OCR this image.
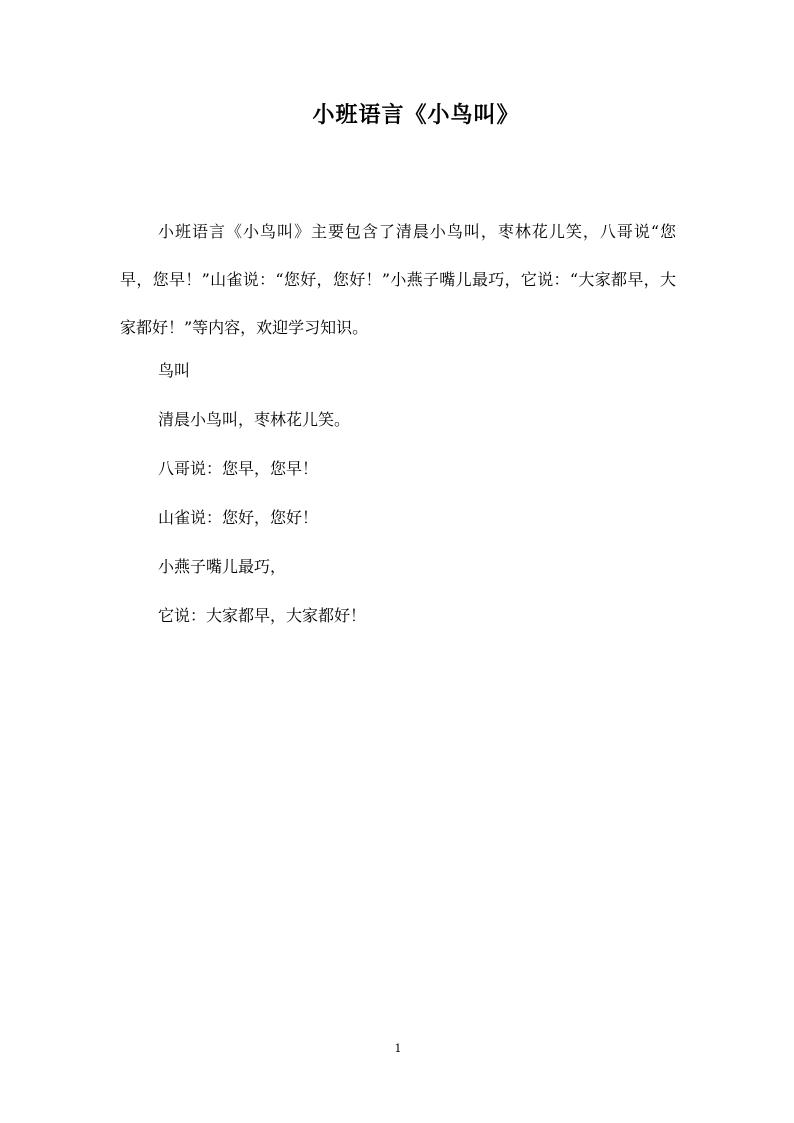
小班语言《小鸟叫》
小班语言《小鸟叫》主要包含了清晨小鸟叫，枣林花儿笑，八哥说“您早，您早！”山雀说：“您好，您好！”小燕子嘴儿最巧，它说：“大家都早，大家都好！”等内容，欢迎学习知识。
鸟叫
清晨小鸟叫，枣林花儿笑。
八哥说：您早，您早！
山雀说：您好，您好！
小燕子嘴儿最巧，
它说：大家都早，大家都好！
1
